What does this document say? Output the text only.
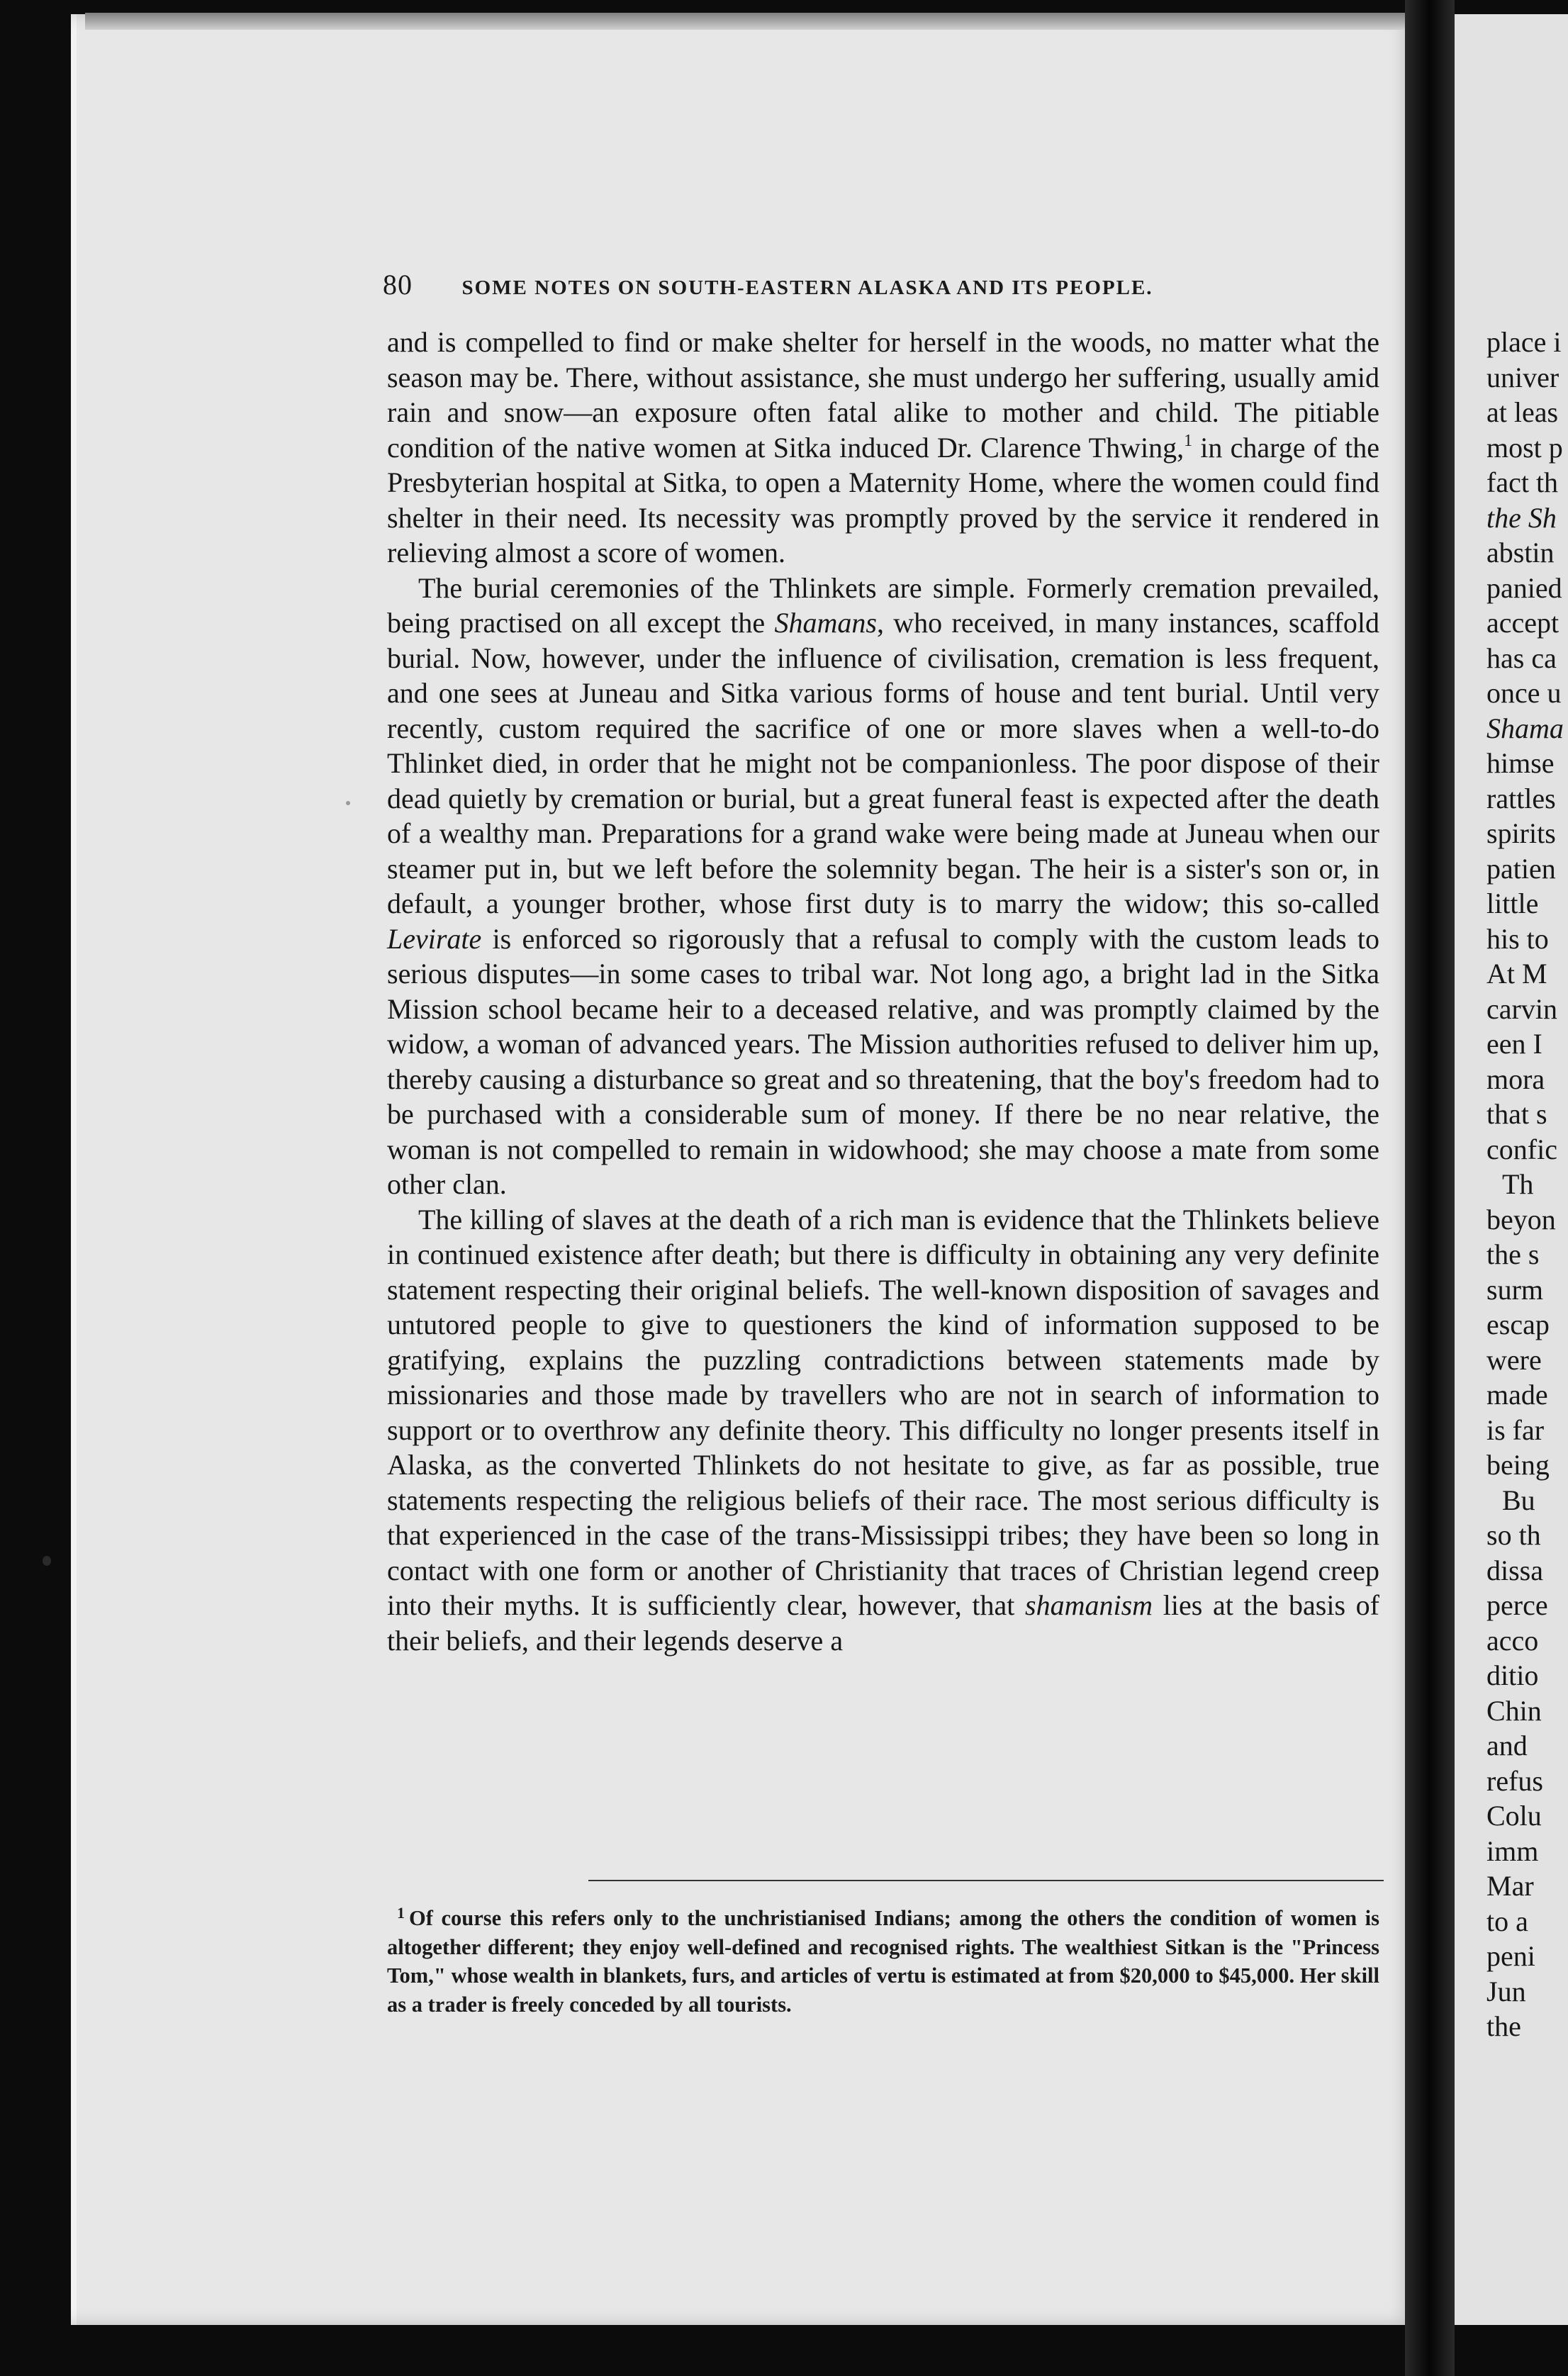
80 SOME NOTES ON SOUTH-EASTERN ALASKA AND ITS PEOPLE.

and is compelled to find or make shelter for herself in the woods, no matter what the season may be. There, without assistance, she must undergo her suffering, usually amid rain and snow—an exposure often fatal alike to mother and child. The pitiable condition of the native women at Sitka induced Dr. Clarence Thwing,$^1$ in charge of the Presbyterian hospital at Sitka, to open a Maternity Home, where the women could find shelter in their need. Its necessity was promptly proved by the service it rendered in relieving almost a score of women.

The burial ceremonies of the Thlinkets are simple. Formerly cremation prevailed, being practised on all except the Shamans, who received, in many instances, scaffold burial. Now, however, under the influence of civilisation, cremation is less frequent, and one sees at Juneau and Sitka various forms of house and tent burial. Until very recently, custom required the sacrifice of one or more slaves when a well-to-do Thlinket died, in order that he might not be companionless. The poor dispose of their dead quietly by cremation or burial, but a great funeral feast is expected after the death of a wealthy man. Preparations for a grand wake were being made at Juneau when our steamer put in, but we left before the solemnity began. The heir is a sister's son or, in default, a younger brother, whose first duty is to marry the widow; this so-called Levirate is enforced so rigorously that a refusal to comply with the custom leads to serious disputes—in some cases to tribal war. Not long ago, a bright lad in the Sitka Mission school became heir to a deceased relative, and was promptly claimed by the widow, a woman of advanced years. The Mission authorities refused to deliver him up, thereby causing a disturbance so great and so threatening, that the boy's freedom had to be purchased with a considerable sum of money. If there be no near relative, the woman is not compelled to remain in widowhood; she may choose a mate from some other clan.

The killing of slaves at the death of a rich man is evidence that the Thlinkets believe in continued existence after death; but there is difficulty in obtaining any very definite statement respecting their original beliefs. The well-known disposition of savages and untutored people to give to questioners the kind of information supposed to be gratifying, explains the puzzling contradictions between statements made by missionaries and those made by travellers who are not in search of information to support or to overthrow any definite theory. This difficulty no longer presents itself in Alaska, as the converted Thlinkets do not hesitate to give, as far as possible, true statements respecting the religious beliefs of their race. The most serious difficulty is that experienced in the case of the trans-Mississippi tribes; they have been so long in contact with one form or another of Christianity that traces of Christian legend creep into their myths. It is sufficiently clear, however, that shamanism lies at the basis of their beliefs, and their legends deserve a

$^1$ Of course this refers only to the unchristianised Indians; among the others the condition of women is altogether different; they enjoy well-defined and recognised rights. The wealthiest Sitkan is the "Princess Tom," whose wealth in blankets, furs, and articles of vertu is estimated at from $20,000 to $45,000. Her skill as a trader is freely conceded by all tourists.
place i
univer
at leas
most p
fact th
the Sh
abstin
panied
accept
has ca
once u
Shama
himse
rattles
spirits
patien
little
his to
At M
carvin
een I
mora
that s
confic
Th
beyon
the s
surm
escap
were
made
is far
being
Bu
so th
dissa
perce
acco
ditio
Chin
and
refus
Colu
imm
Mar
to a
peni
Jun
the
